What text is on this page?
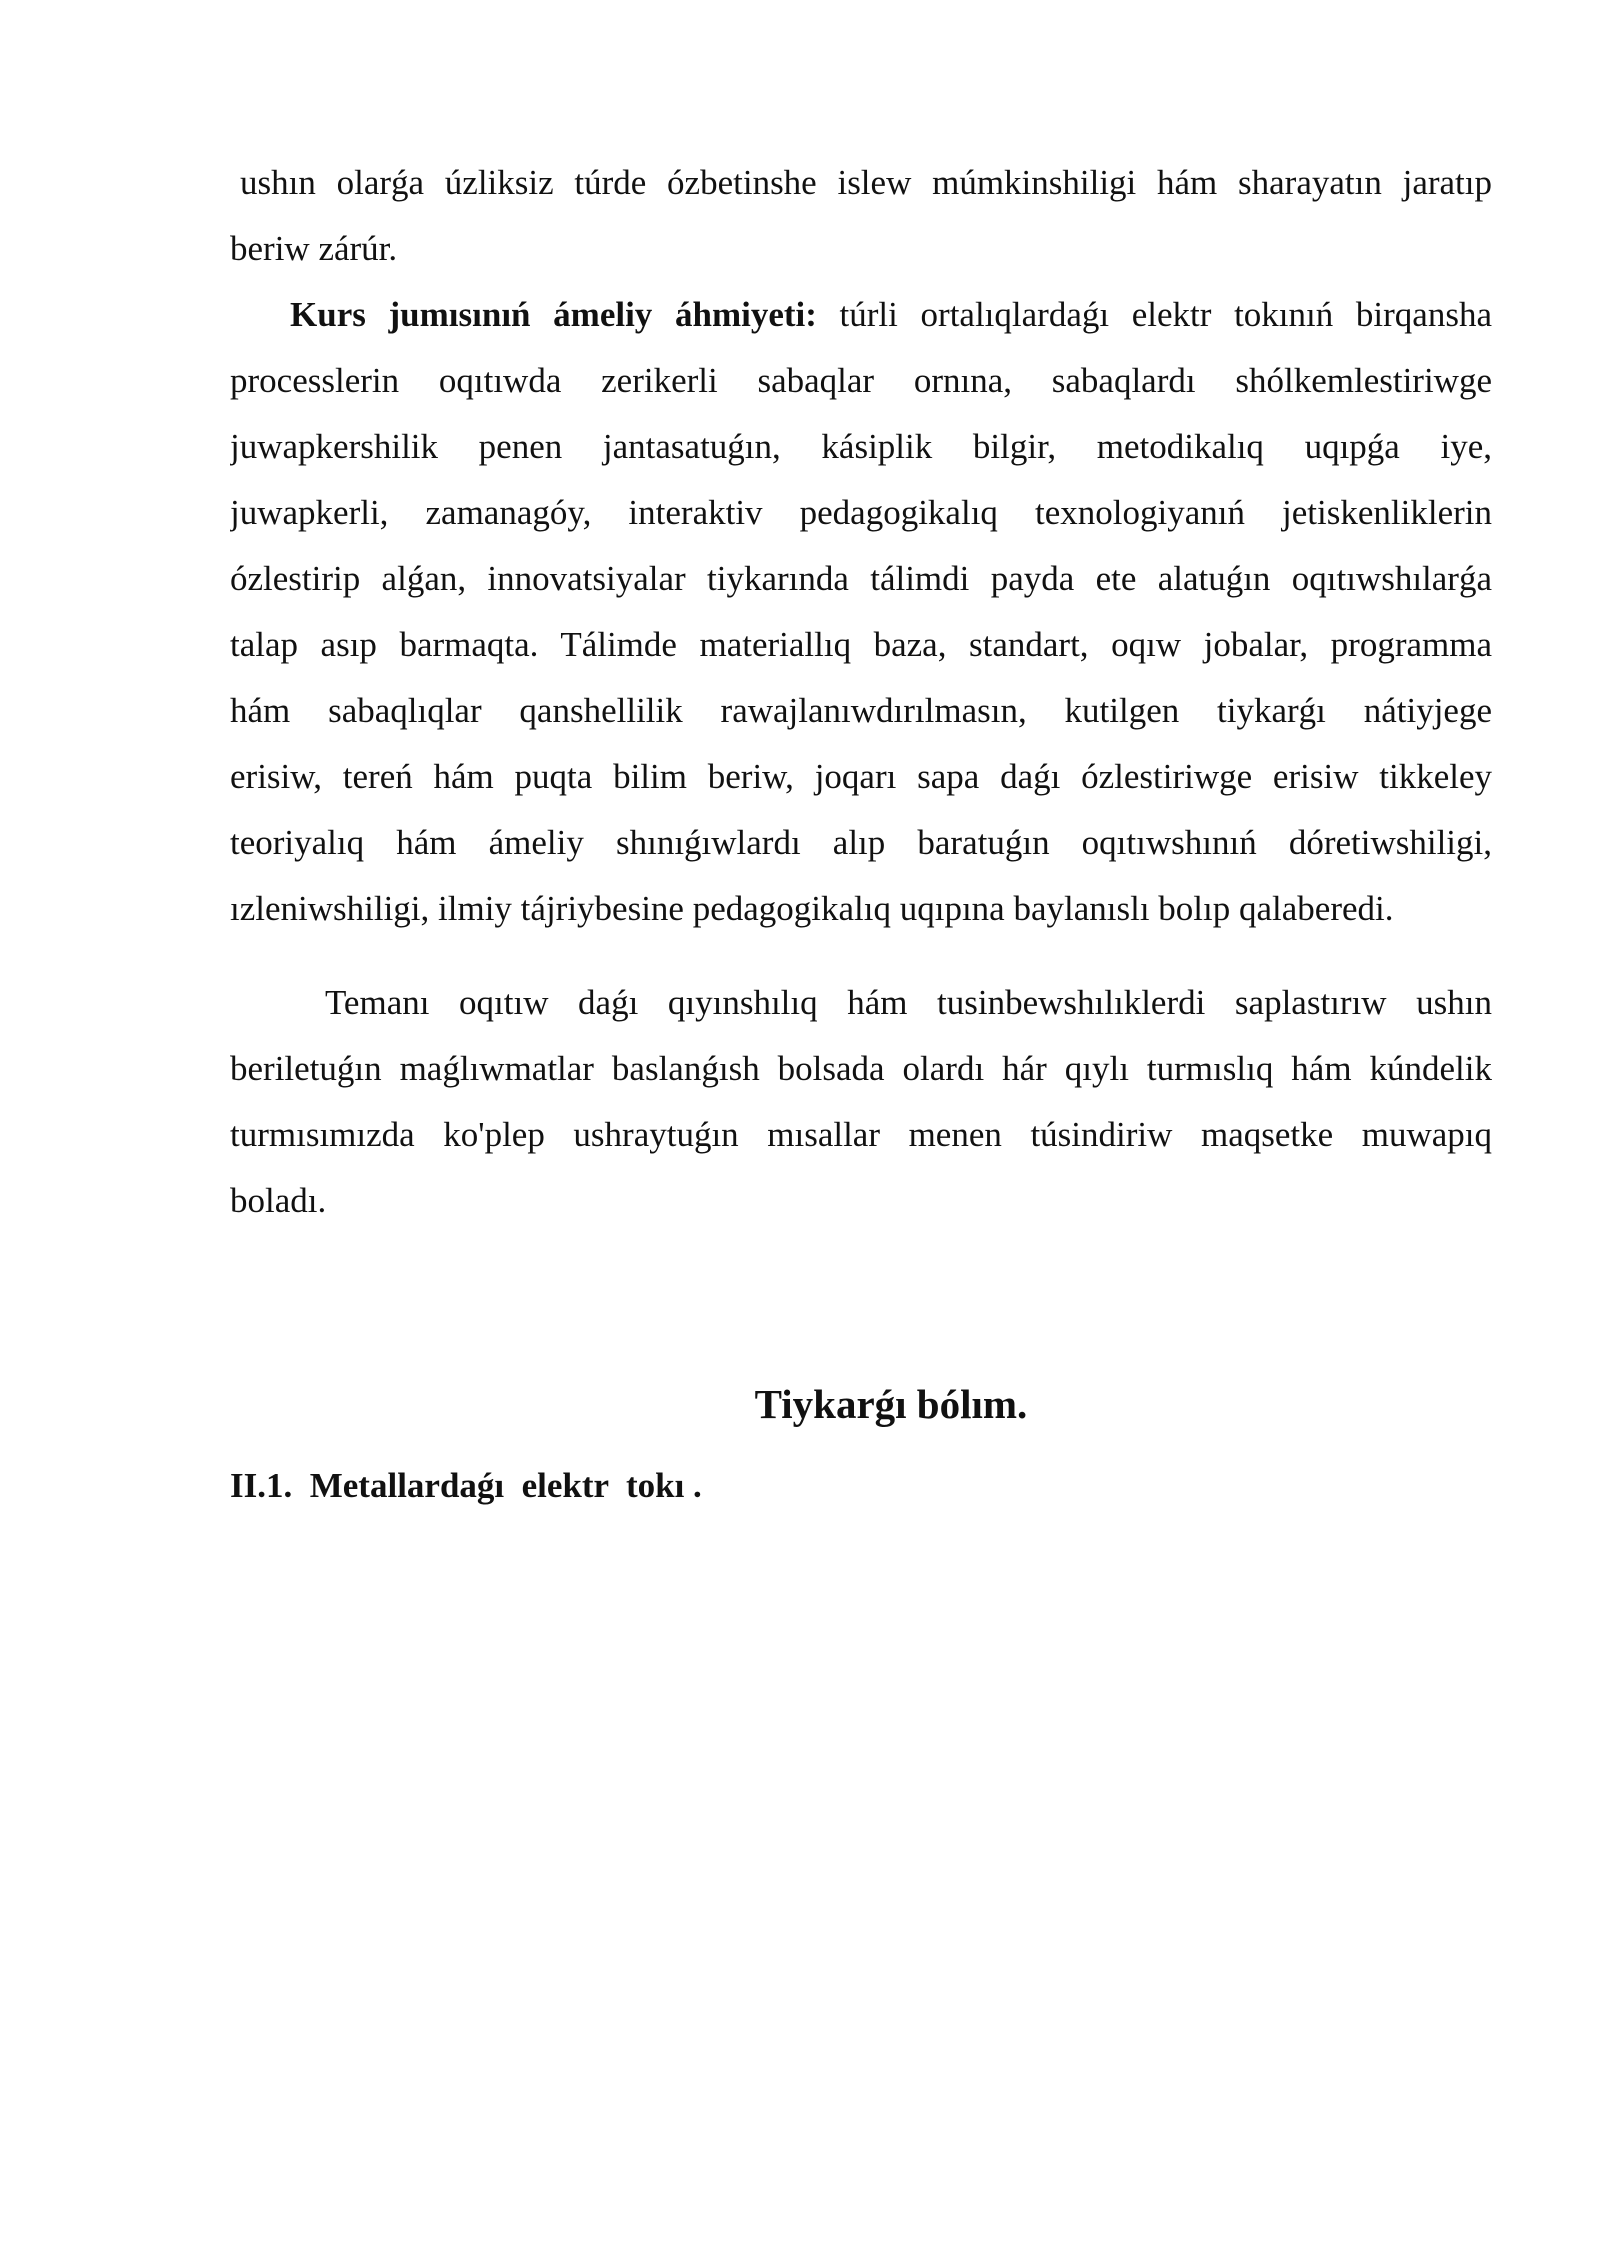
ushın olarǵa úzliksiz túrde ózbetinshe islew múmkinshiligi hám sharayatın jaratıp
beriw zárúr.
Kurs jumısınıń ámeliy áhmiyeti: túrli ortalıqlardaǵı elektr tokınıń birqansha
processlerin oqıtıwda zerikerli sabaqlar ornına, sabaqlardı shólkemlestiriwge
juwapkershilik penen jantasatuǵın, kásiplik bilgir, metodikalıq uqıpǵa iye,
juwapkerli, zamanagóy, interaktiv pedagogikalıq texnologiyanıń jetiskenliklerin
ózlestirip alǵan, innovatsiyalar tiykarında tálimdi payda ete alatuǵın oqıtıwshılarǵa
talap asıp barmaqta. Tálimde materiallıq baza, standart, oqıw jobalar, programma
hám sabaqlıqlar qanshellilik rawajlanıwdırılmasın, kutilgen tiykarǵı nátiyjege
erisiw, tereń hám puqta bilim beriw, joqarı sapa daǵı ózlestiriwge erisiw tikkeley
teoriyalıq hám ámeliy shınıǵıwlardı alıp baratuǵın oqıtıwshınıń dóretiwshiligi,
ızleniwshiligi, ilmiy tájriybesine pedagogikalıq uqıpına baylanıslı bolıp qalaberedi.
Temanı oqıtıw daǵı qıyınshılıq hám tusinbewshılıklerdi saplastırıw ushın
beriletuǵın maǵlıwmatlar baslanǵısh bolsada olardı hár qıylı turmıslıq hám kúndelik
turmısımızda ko'plep ushraytuǵın mısallar menen túsindiriw maqsetke muwapıq
boladı.
Tiykarǵı bólım.
II.1.  Metallardaǵı  elektr  tokı .
